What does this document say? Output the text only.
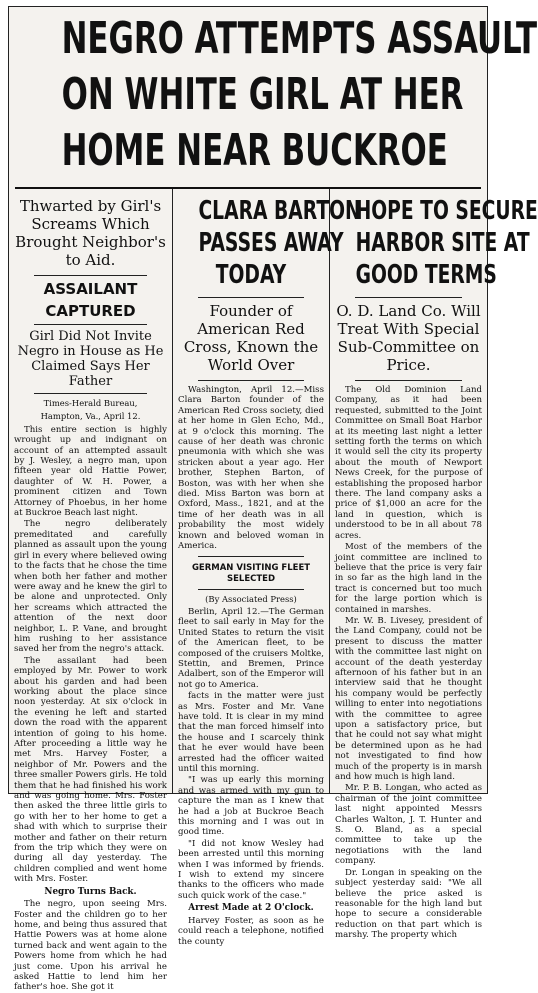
NEGRO ATTEMPTS ASSAULT
ON WHITE GIRL AT HER
HOME NEAR BUCKROE
Thwarted by Girl's Screams Which Brought Neighbor's to Aid.
ASSAILANT
CAPTURED
Girl Did Not Invite Negro in House as He Claimed Says Her Father
Times-Herald Bureau,
Hampton, Va., April 12.

This entire section is highly wrought up and indignant on account of an attempted assault by J. Wesley, a negro man, upon fifteen year old Hattie Power, daughter of W. H. Power, a prominent citizen and Town Attorney of Phoebus, in her home at Buckroe Beach last night.

The negro deliberately premeditated and carefully planned as assault upon the young girl in every where believed owing to the facts that he chose the time when both her father and mother were away and he knew the girl to be alone and unprotected. Only her screams which attracted the attention of the next door neighbor, L. P. Vane, and brought him rushing to her assistance saved her from the negro's attack.

The assailant had been employed by Mr. Power to work about his garden and had been working about the place since noon yesterday. At six o'clock in the evening he left and started down the road with the apparent intention of going to his home. After proceeding a little way he met Mrs. Harvey Foster, a neighbor of Mr. Powers and the three smaller Powers girls. He told them that he had finished his work and was going home. Mrs. Foster then asked the three little girls to go with her to her home to get a shad with which to surprise their mother and father on their return from the trip which they were on during all day yesterday. The children complied and went home with Mrs. Foster.

Negro Turns Back.

The negro, upon seeing Mrs. Foster and the children go to her home, and being thus assured that Hattie Powers was at home alone turned back and went again to the Powers home from which he had just come. Upon his arrival he asked Hattie to lend him her father's hoe. She got it

CLARA BARTON
PASSES AWAY
TODAY
Founder of American Red Cross, Known the World Over

Washington, April 12.—Miss Clara Barton founder of the American Red Cross society, died at her home in Glen Echo, Md., at 9 o'clock this morning. The cause of her death was chronic pneumonia with which she was stricken about a year ago. Her brother, Stephen Barton, of Boston, was with her when she died. Miss Barton was born at Oxford, Mass., 1821, and at the time of her death was in all probability the most widely known and beloved woman in America.

GERMAN VISITING FLEET SELECTED
(By Associated Press)

Berlin, April 12.—The German fleet to sail early in May for the United States to return the visit of the American fleet, to be composed of the cruisers Moltke, Stettin, and Bremen, Prince Adalbert, son of the Emperor will not go to America.

facts in the matter were just as Mrs. Foster and Mr. Vane have told. It is clear in my mind that the man forced himself into the house and I scarcely think that he ever would have been arrested had the officer waited until this morning.

"I was up early this morning and was armed with my gun to capture the man as I knew that he had a job at Buckroe Beach this morning and I was out in good time.

"I did not know Wesley had been arrested until this morning when I was informed by friends. I wish to extend my sincere thanks to the officers who made such quick work of the case."

Arrest Made at 2 O'clock.

Harvey Foster, as soon as he could reach a telephone, notified the county

HOPE TO SECURE
HARBOR SITE AT
GOOD TERMS
O. D. Land Co. Will Treat With Special Sub-Committee on Price.

The Old Dominion Land Company, as it had been requested, submitted to the Joint Committee on Small Boat Harbor at its meeting last night a letter setting forth the terms on which it would sell the city its property about the mouth of Newport News Creek, for the purpose of establishing the proposed harbor there. The land company asks a price of $1,000 an acre for the land in question, which is understood to be in all about 78 acres.

Most of the members of the joint committee are inclined to believe that the price is very fair in so far as the high land in the tract is concerned but too much for the large portion which is contained in marshes.

Mr. W. B. Livesey, president of the Land Company, could not be present to discuss the matter with the committee last night on account of the death yesterday afternoon of his father but in an interview said that he thought his company would be perfectly willing to enter into negotiations with the committee to agree upon a satisfactory price, but that he could not say what might be determined upon as he had not investigated to find how much of the property is in marsh and how much is high land.

Mr. P. B. Longan, who acted as chairman of the joint committee last night appointed Messrs Charles Walton, J. T. Hunter and S. O. Bland, as a special committee to take up the negotiations with the land company.

Dr. Longan in speaking on the subject yesterday said: "We all believe the price asked is reasonable for the high land but hope to secure a considerable reduction on that part which is marshy. The property which
